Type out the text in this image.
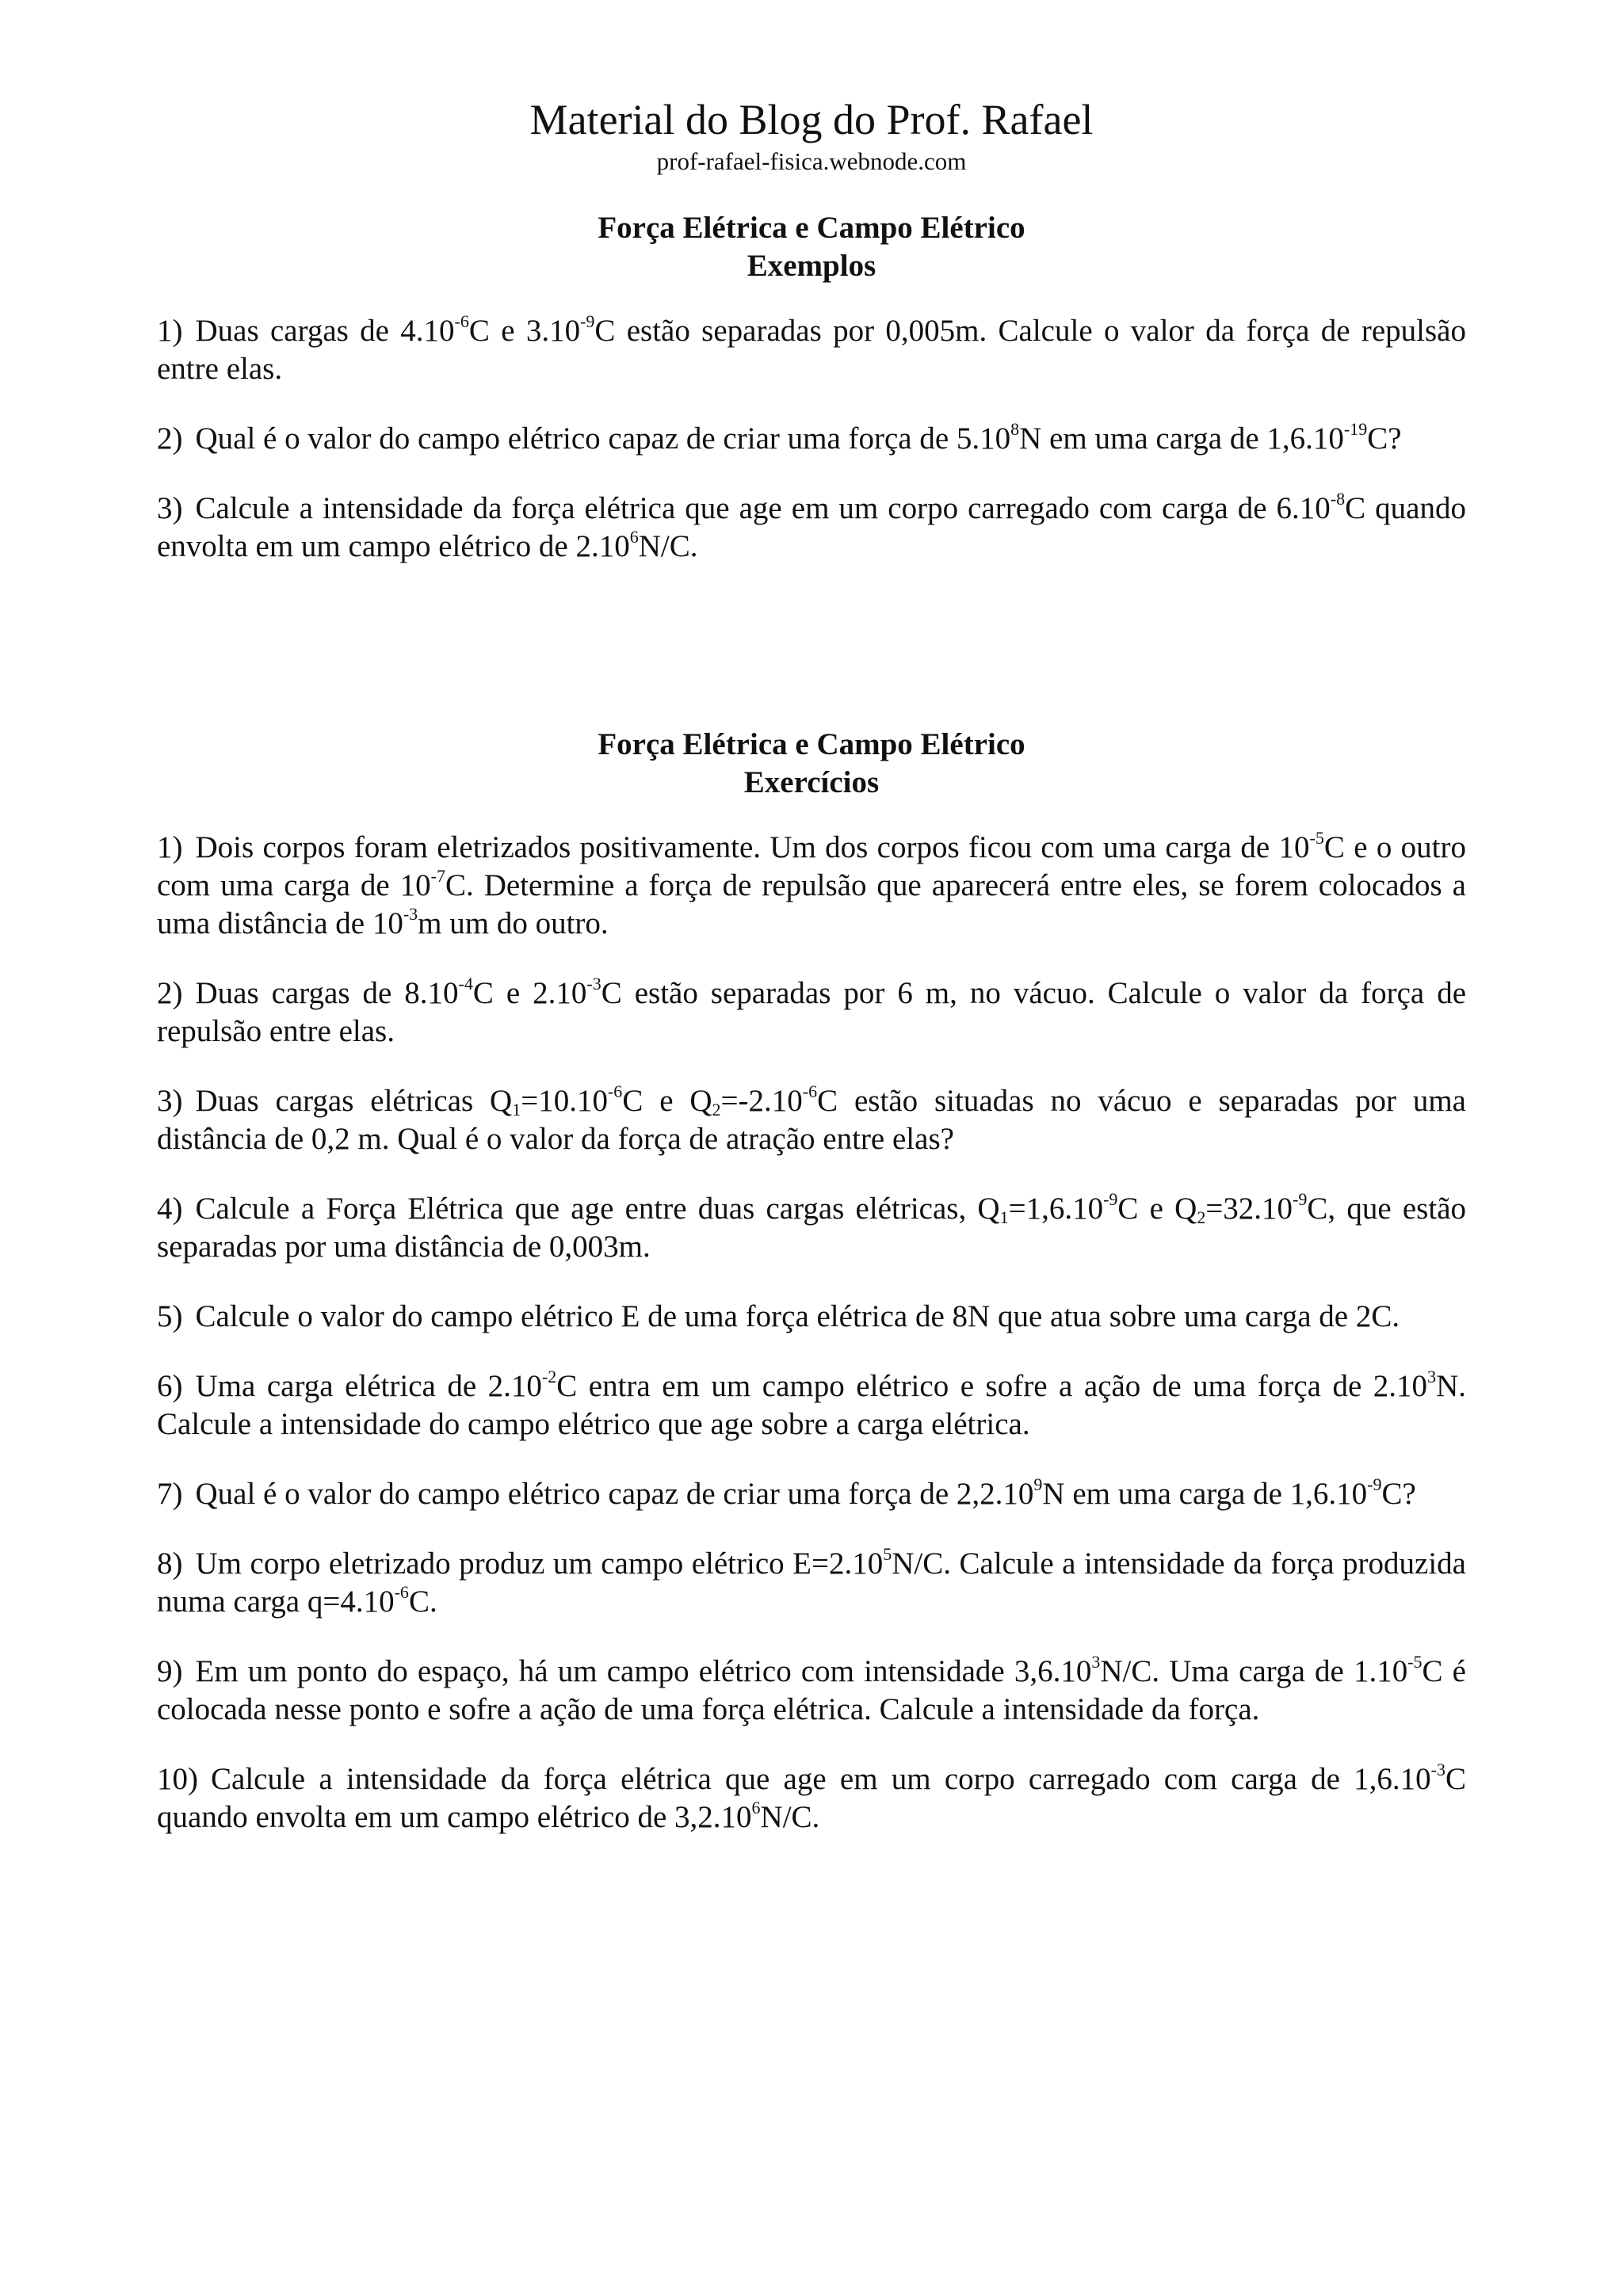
Material do Blog do Prof. Rafael
prof-rafael-fisica.webnode.com
Força Elétrica e Campo Elétrico
Exemplos
1) Duas cargas de $4.10^{-6}C$ e $3.10^{-9}C$ estão separadas por 0,005m. Calcule o valor da força de repulsão entre elas.
2) Qual é o valor do campo elétrico capaz de criar uma força de 5.10$^8$N em uma carga de $1,6.10^{-19}C$?
3) Calcule a intensidade da força elétrica que age em um corpo carregado com carga de $6.10^{-8}C$ quando envolta em um campo elétrico de 2.10$^6$N/C.
Força Elétrica e Campo Elétrico
Exercícios
1) Dois corpos foram eletrizados positivamente. Um dos corpos ficou com uma carga de $10^{-5}C$ e o outro com uma carga de $10^{-7}C$. Determine a força de repulsão que aparecerá entre eles, se forem colocados a uma distância de $10^{-3}m$ um do outro.
2) Duas cargas de $8.10^{-4}C$ e $2.10^{-3}C$ estão separadas por 6 m, no vácuo. Calcule o valor da força de repulsão entre elas.
3) Duas cargas elétricas $Q_1=10.10^{-6}C$ e $Q_2=-2.10^{-6}C$ estão situadas no vácuo e separadas por uma distância de 0,2 m. Qual é o valor da força de atração entre elas?
4) Calcule a Força Elétrica que age entre duas cargas elétricas, $Q_1=1,6.10^{-9}C$ e $Q_2=32.10^{-9}C$, que estão separadas por uma distância de 0,003m.
5) Calcule o valor do campo elétrico E de uma força elétrica de 8N que atua sobre uma carga de 2C.
6) Uma carga elétrica de $2.10^{-2}C$ entra em um campo elétrico e sofre a ação de uma força de 2.10$^3$N. Calcule a intensidade do campo elétrico que age sobre a carga elétrica.
7) Qual é o valor do campo elétrico capaz de criar uma força de 2,2.10$^9$N em uma carga de $1,6.10^{-9}C$?
8) Um corpo eletrizado produz um campo elétrico $E=2.10^5N/C$. Calcule a intensidade da força produzida numa carga $q=4.10^{-6}C$.
9) Em um ponto do espaço, há um campo elétrico com intensidade 3,6.10$^3$N/C. Uma carga de $1.10^{-5}C$ é colocada nesse ponto e sofre a ação de uma força elétrica. Calcule a intensidade da força.
10) Calcule a intensidade da força elétrica que age em um corpo carregado com carga de $1,6.10^{-3}C$ quando envolta em um campo elétrico de 3,2.10$^6$N/C.
